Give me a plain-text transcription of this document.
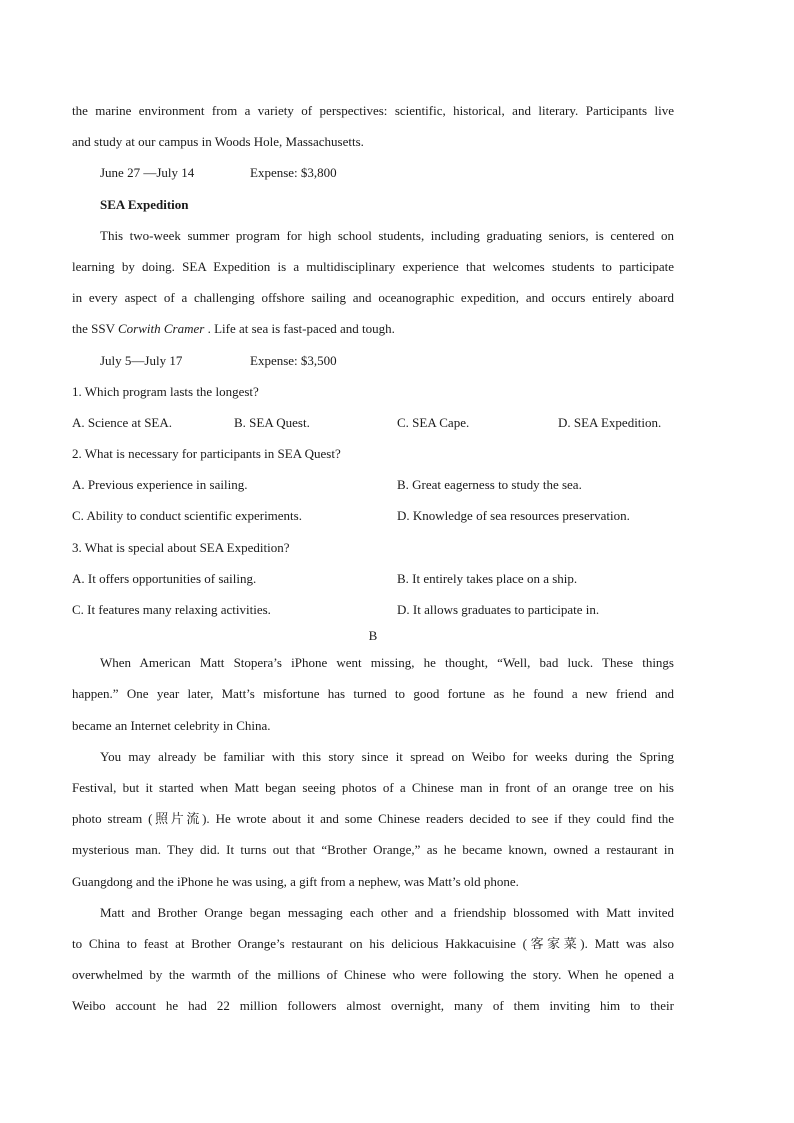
the marine environment from a variety of perspectives: scientific, historical, and literary. Participants live
and study at our campus in Woods Hole, Massachusetts.
June 27 —July 14	Expense: $3,800
SEA Expedition
This two-week summer program for high school students, including graduating seniors, is centered on
learning by doing. SEA Expedition is a multidisciplinary experience that welcomes students to participate
in every aspect of a challenging offshore sailing and oceanographic expedition, and occurs entirely aboard
the SSV Corwith Cramer . Life at sea is fast-paced and tough.
July 5—July 17	Expense: $3,500
1. Which program lasts the longest?
A. Science at SEA.	B. SEA Quest.	C. SEA Cape.	D. SEA Expedition.
2. What is necessary for participants in SEA Quest?
A. Previous experience in sailing.	B. Great eagerness to study the sea.
C. Ability to conduct scientific experiments.	D. Knowledge of sea resources preservation.
3. What is special about SEA Expedition?
A. It offers opportunities of sailing.	B. It entirely takes place on a ship.
C. It features many relaxing activities.	D. It allows graduates to participate in.
B
When American Matt Stopera’s iPhone went missing, he thought, “Well, bad luck. These things
happen.” One year later, Matt’s misfortune has turned to good fortune as he found a new friend and
became an Internet celebrity in China.
You may already be familiar with this story since it spread on Weibo for weeks during the Spring
Festival, but it started when Matt began seeing photos of a Chinese man in front of an orange tree on his
photo stream (照片流). He wrote about it and some Chinese readers decided to see if they could find the
mysterious man. They did. It turns out that “Brother Orange,” as he became known, owned a restaurant in
Guangdong and the iPhone he was using, a gift from a nephew, was Matt’s old phone.
Matt and Brother Orange began messaging each other and a friendship blossomed with Matt invited
to China to feast at Brother Orange’s restaurant on his delicious Hakkacuisine (客家菜). Matt was also
overwhelmed by the warmth of the millions of Chinese who were following the story. When he opened a
Weibo account he had 22 million followers almost overnight, many of them inviting him to their
